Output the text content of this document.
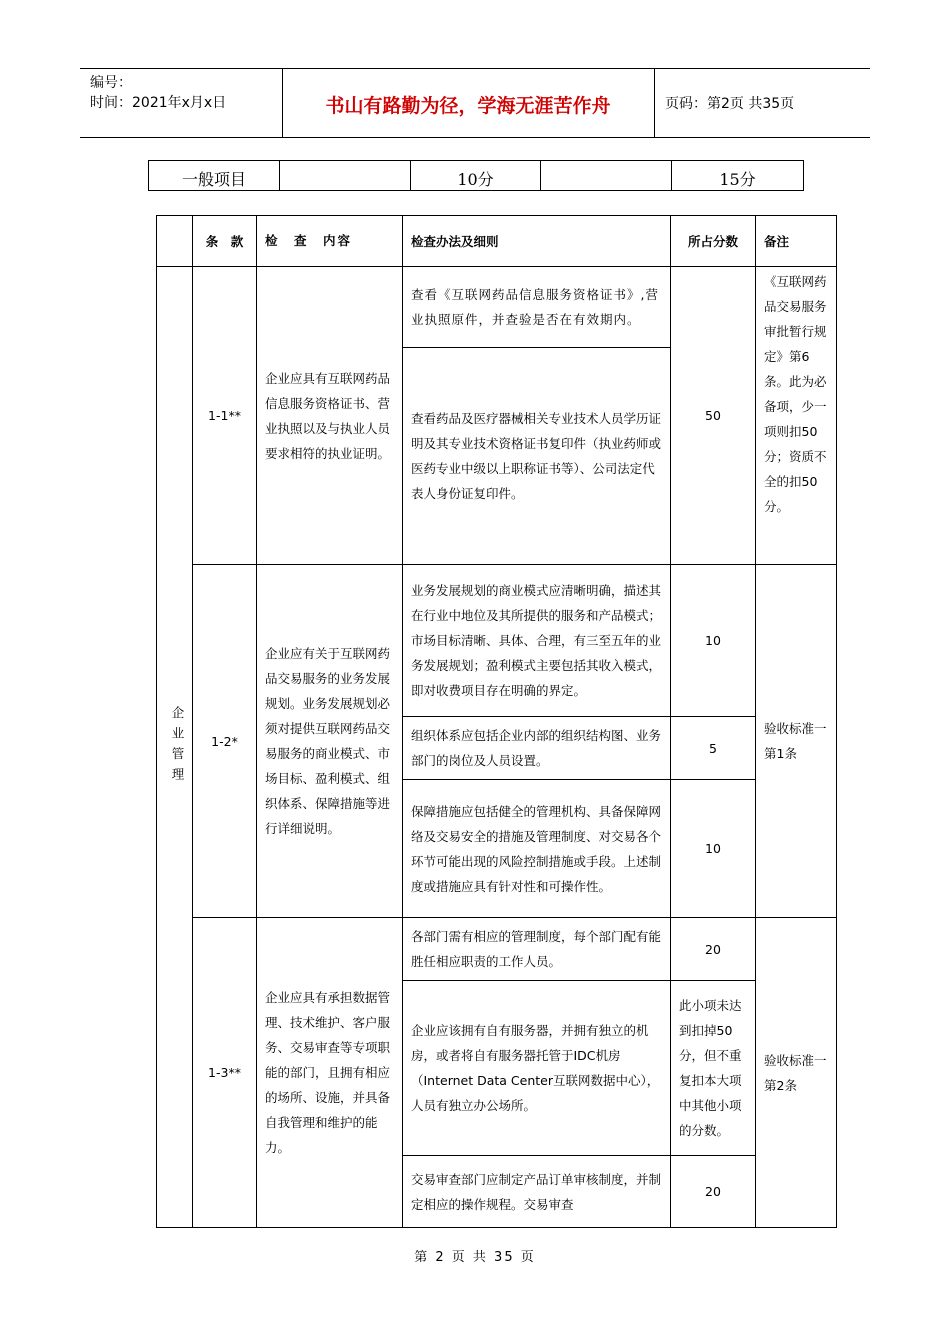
编号：
时间：2021年x月x日	书山有路勤为径，学海无涯苦作舟	页码：第2页 共35页
一般项目		10分		15分
	条　款	检　查　内容	检查办法及细则	所占分数	备注

企业管理	1-1**	企业应具有互联网药品信息服务资格证书、营业执照以及与执业人员要求相符的执业证明。	查看《互联网药品信息服务资格证书》,营业执照原件，并查验是否在有效期内。	50	《互联网药品交易服务审批暂行规定》第6条。此为必备项，少一项则扣50分；资质不全的扣50分。
			查看药品及医疗器械相关专业技术人员学历证明及其专业技术资格证书复印件（执业药师或医药专业中级以上职称证书等）、公司法定代表人身份证复印件。		
	1-2*	企业应有关于互联网药品交易服务的业务发展规划。业务发展规划必须对提供互联网药品交易服务的商业模式、市场目标、盈利模式、组织体系、保障措施等进行详细说明。	业务发展规划的商业模式应清晰明确，描述其在行业中地位及其所提供的服务和产品模式；市场目标清晰、具体、合理，有三至五年的业务发展规划；盈利模式主要包括其收入模式，即对收费项目存在明确的界定。	10	验收标准一第1条
			组织体系应包括企业内部的组织结构图、业务部门的岗位及人员设置。	5	
			保障措施应包括健全的管理机构、具备保障网络及交易安全的措施及管理制度、对交易各个环节可能出现的风险控制措施或手段。上述制度或措施应具有针对性和可操作性。	10	
	1-3**	企业应具有承担数据管理、技术维护、客户服务、交易审查等专项职能的部门，且拥有相应的场所、设施，并具备自我管理和维护的能力。	各部门需有相应的管理制度，每个部门配有能胜任相应职责的工作人员。	20	验收标准一第2条
			企业应该拥有自有服务器，并拥有独立的机房，或者将自有服务器托管于IDC机房（Internet Data Center互联网数据中心），人员有独立办公场所。	此小项未达到扣掉50分，但不重复扣本大项中其他小项的分数。	
			交易审查部门应制定产品订单审核制度，并制定相应的操作规程。交易审查	20	
第 2 页 共 35 页
